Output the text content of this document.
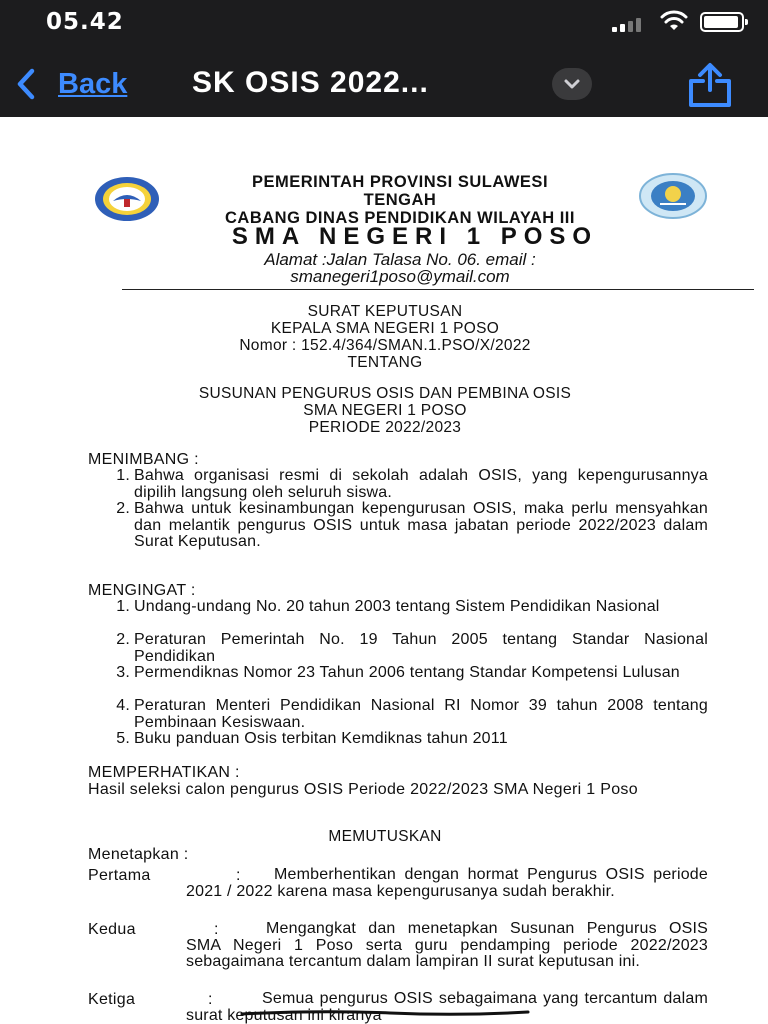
05.42
Back SK OSIS 2022...
PEMERINTAH PROVINSI SULAWESI
TENGAH
CABANG DINAS PENDIDIKAN WILAYAH III
SMA NEGERI 1 POSO
Alamat :Jalan Talasa No. 06. email :
smanegeri1poso@ymail.com
SURAT KEPUTUSAN
KEPALA SMA NEGERI 1 POSO
Nomor : 152.4/364/SMAN.1.PSO/X/2022
TENTANG
SUSUNAN PENGURUS OSIS DAN PEMBINA OSIS
SMA NEGERI 1 POSO
PERIODE 2022/2023
MENIMBANG :
1. Bahwa organisasi resmi di sekolah adalah OSIS, yang kepengurusannya dipilih langsung oleh seluruh siswa.
2. Bahwa untuk kesinambungan kepengurusan OSIS, maka perlu mensyahkan dan melantik pengurus OSIS untuk masa jabatan periode 2022/2023 dalam Surat Keputusan.
MENGINGAT :
1. Undang-undang No. 20 tahun 2003 tentang Sistem Pendidikan Nasional
2. Peraturan Pemerintah No. 19 Tahun 2005 tentang Standar Nasional Pendidikan
3. Permendiknas Nomor 23 Tahun 2006 tentang Standar Kompetensi Lulusan
4. Peraturan Menteri Pendidikan Nasional RI Nomor 39 tahun 2008 tentang Pembinaan Kesiswaan.
5. Buku panduan Osis terbitan Kemdiknas tahun 2011
MEMPERHATIKAN :
Hasil seleksi calon pengurus OSIS Periode 2022/2023 SMA Negeri 1 Poso
MEMUTUSKAN
Menetapkan :
Pertama	:	Memberhentikan dengan hormat Pengurus OSIS periode 2021 / 2022 karena masa kepengurusanya sudah berakhir.
Kedua	:	Mengangkat dan menetapkan Susunan Pengurus OSIS SMA Negeri 1 Poso serta guru pendamping periode 2022/2023 sebagaimana tercantum dalam lampiran II surat keputusan ini.
Ketiga	:	Semua pengurus OSIS sebagaimana yang tercantum dalam surat keputusan ini kiranya
